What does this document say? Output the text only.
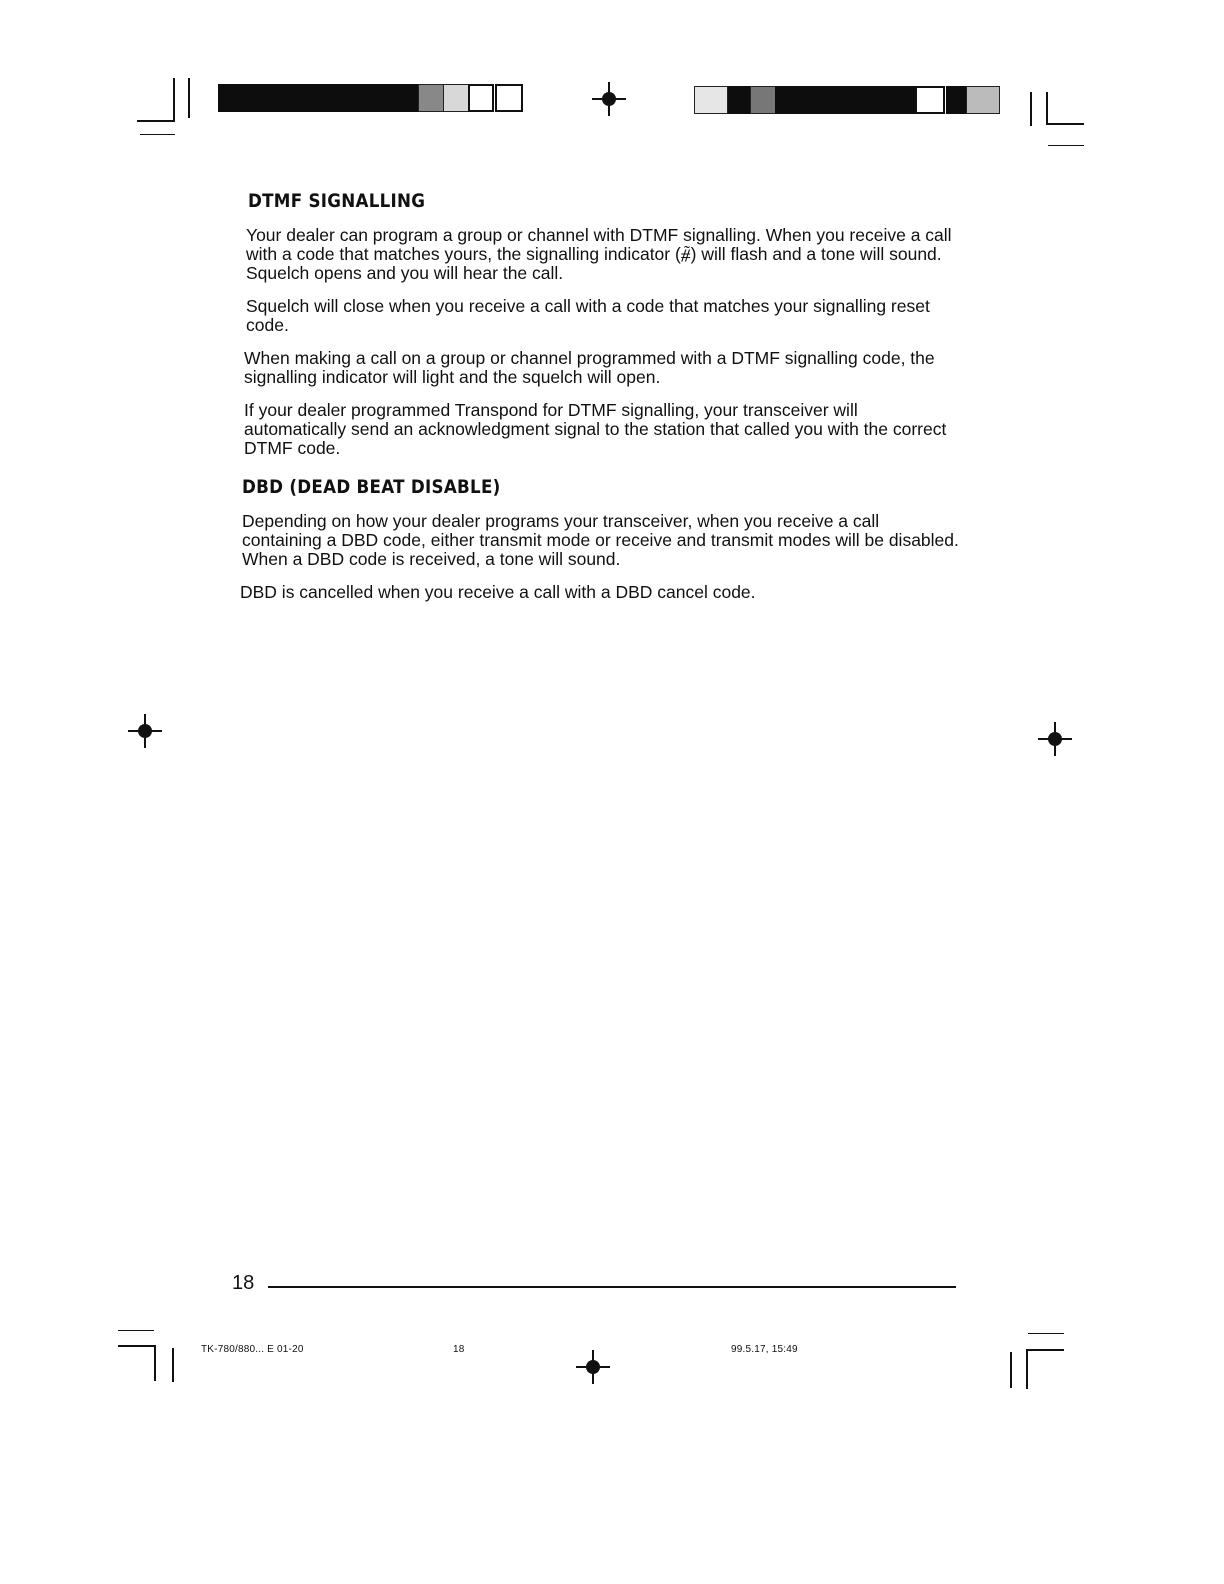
DTMF SIGNALLING

Your dealer can program a group or channel with DTMF signalling. When you receive a call with a code that matches yours, the signalling indicator (⧤) will flash and a tone will sound. Squelch opens and you will hear the call.

Squelch will close when you receive a call with a code that matches your signalling reset code.

When making a call on a group or channel programmed with a DTMF signalling code, the signalling indicator will light and the squelch will open.

If your dealer programmed Transpond for DTMF signalling, your transceiver will automatically send an acknowledgment signal to the station that called you with the correct DTMF code.

DBD (DEAD BEAT DISABLE)

Depending on how your dealer programs your transceiver, when you receive a call containing a DBD code, either transmit mode or receive and transmit modes will be disabled. When a DBD code is received, a tone will sound.

DBD is cancelled when you receive a call with a DBD cancel code.

18
TK-780/880... E 01-20	18	99.5.17, 15:49
